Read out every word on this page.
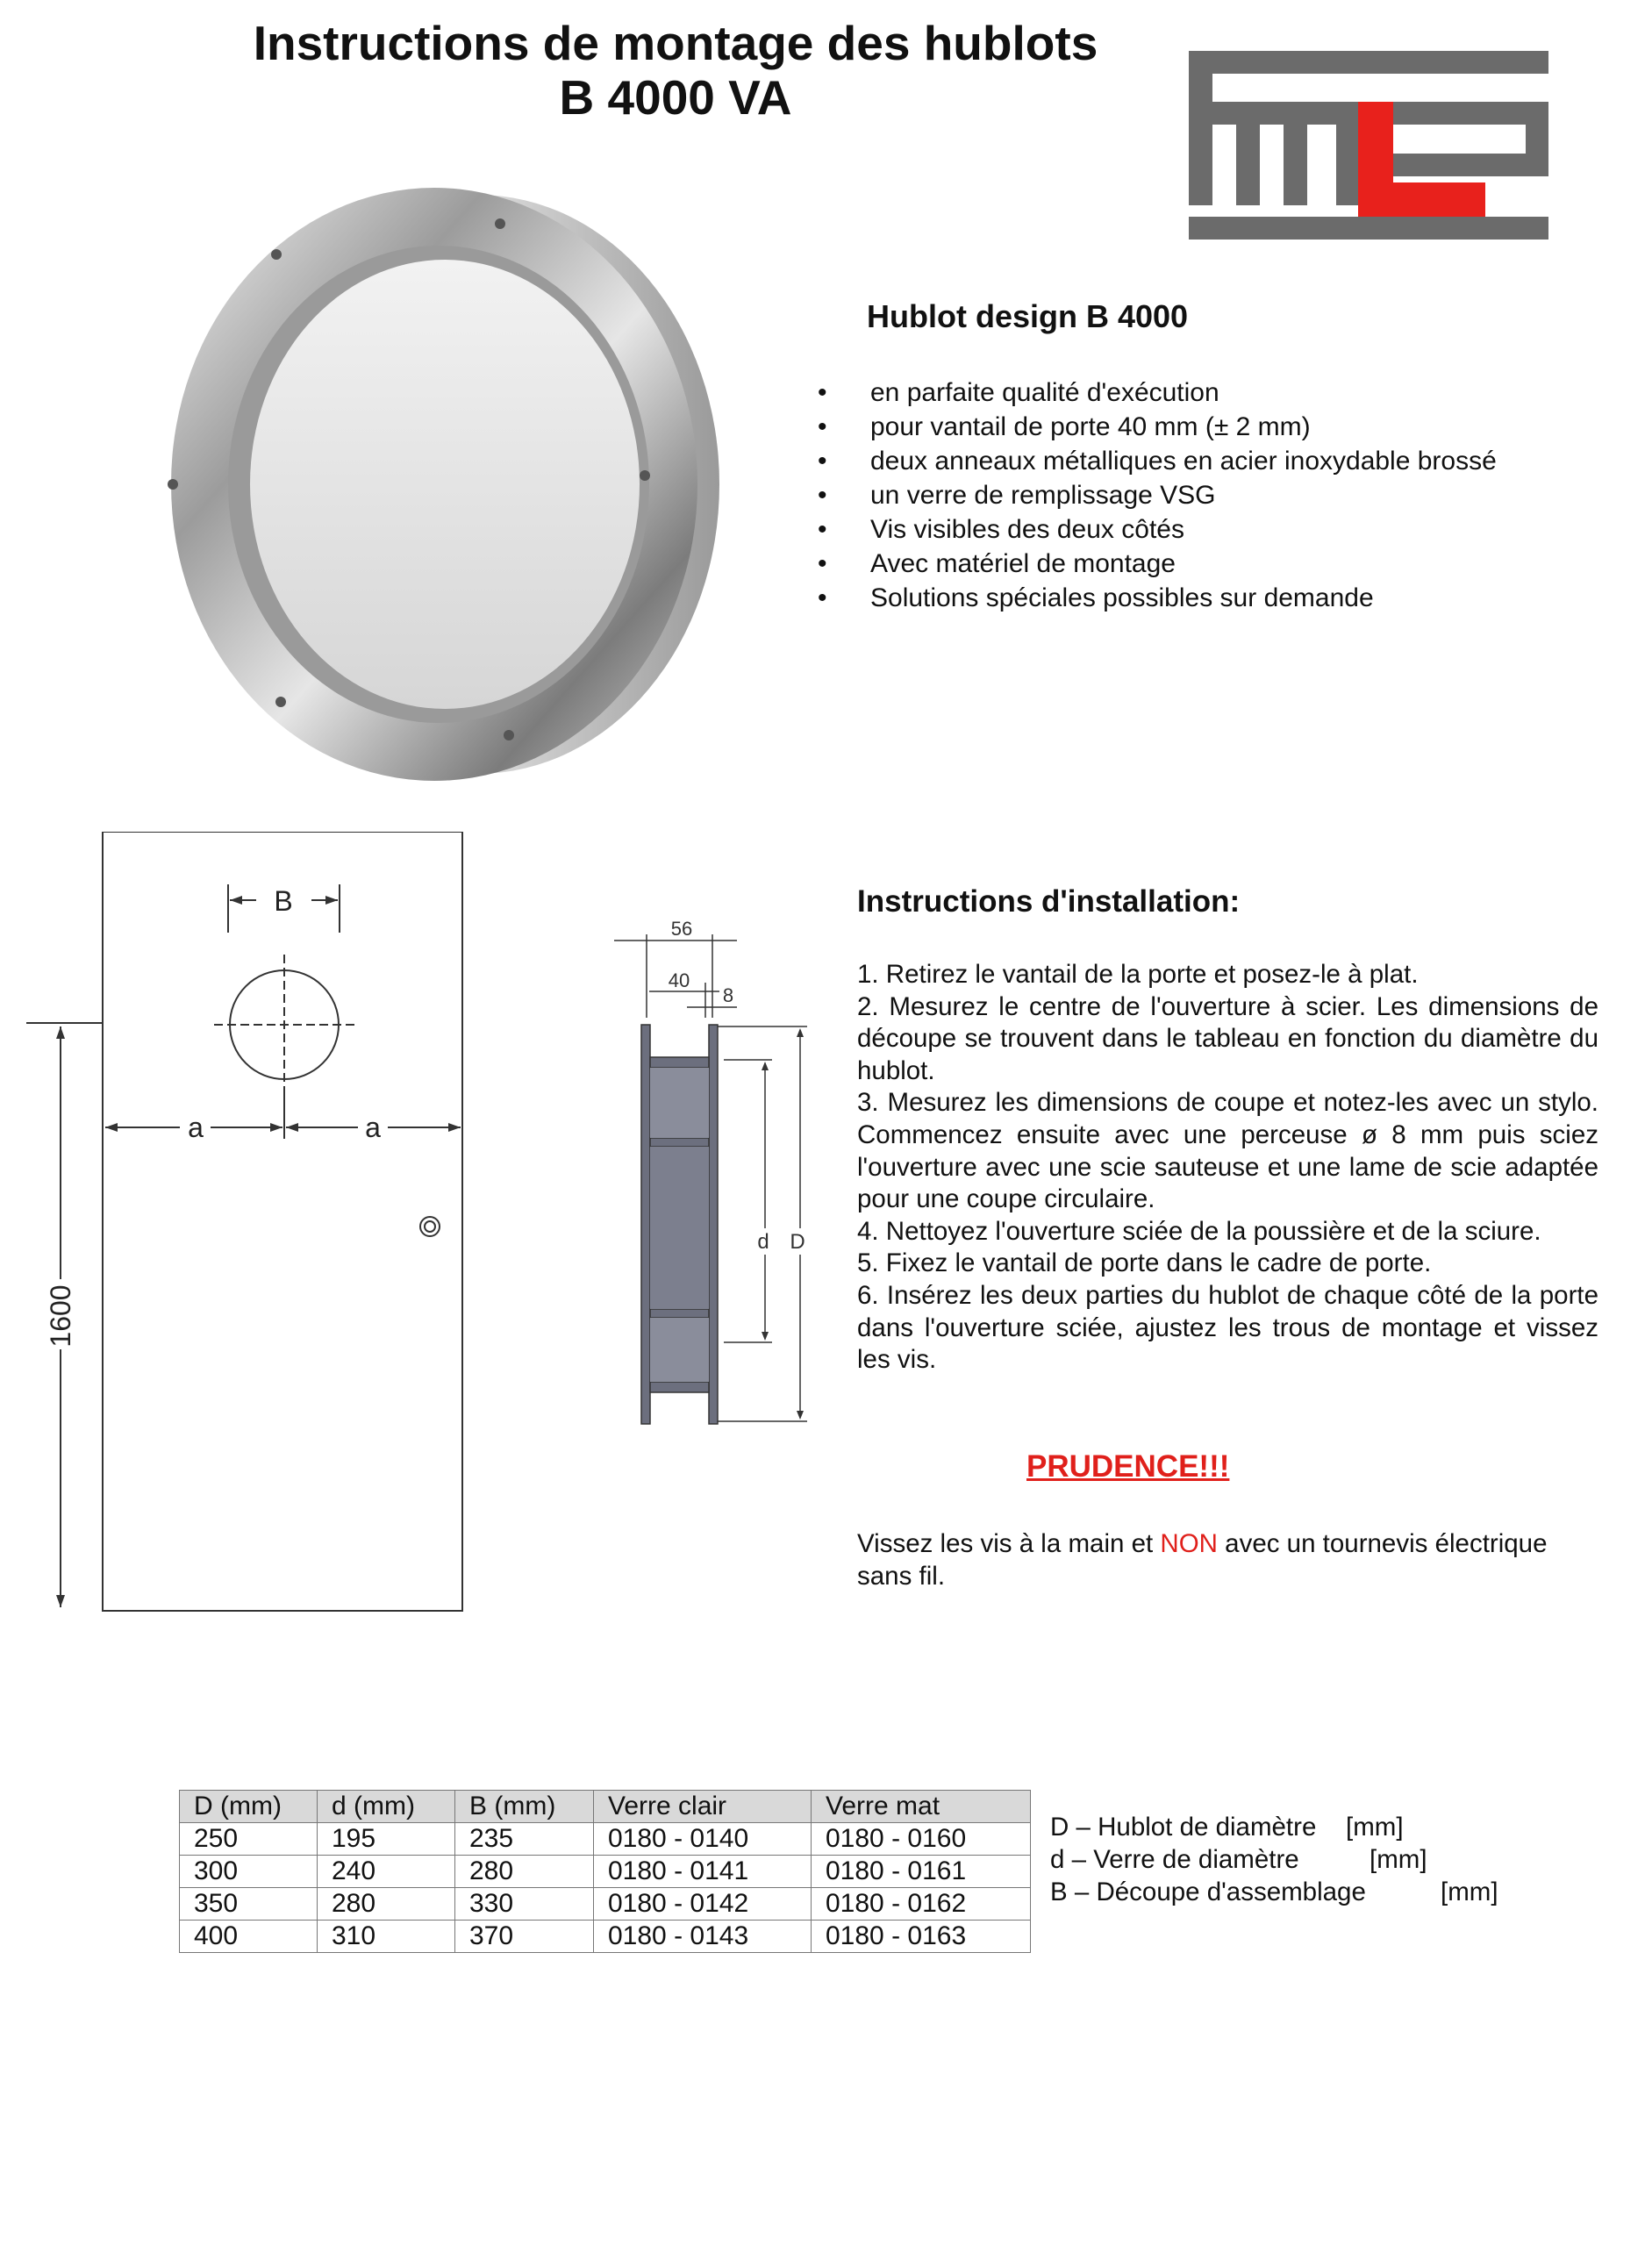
Instructions de montage des hublots
B 4000 VA
Hublot design B 4000
• en parfaite qualité d'exécution
• pour vantail de porte 40 mm (± 2 mm)
• deux anneaux métalliques en acier inoxydable brossé
• un verre de remplissage VSG
• Vis visibles des deux côtés
• Avec matériel de montage
• Solutions spéciales possibles sur demande
B
a	a
1600
56
40
8
d D
Instructions d'installation:

1. Retirez le vantail de la porte et posez-le à plat.

2. Mesurez le centre de l'ouverture à scier. Les dimensions de découpe se trouvent dans le tableau en fonction du diamètre du hublot.

3. Mesurez les dimensions de coupe et notez-les avec un stylo. Commencez ensuite avec une perceuse ø 8 mm puis sciez l'ouverture avec une scie sauteuse et une lame de scie adaptée pour une coupe circulaire.

4. Nettoyez l'ouverture sciée de la poussière et de la sciure.

5. Fixez le vantail de porte dans le cadre de porte.

6. Insérez les deux parties du hublot de chaque côté de la porte dans l'ouverture sciée, ajustez les trous de montage et vissez les vis.

PRUDENCE!!!
Vissez les vis à la main et NON avec un tournevis électrique sans fil.
D (mm)	d (mm)	B (mm)	Verre clair	Verre mat
250	195	235	0180 - 0140	0180 - 0160
300	240	280	0180 - 0141	0180 - 0161
350	280	330	0180 - 0142	0180 - 0162
400	310	370	0180 - 0143	0180 - 0163
D – Hublot de diamètre [mm]
d – Verre de diamètre	[mm]
B – Découpe d'assemblage	[mm]
